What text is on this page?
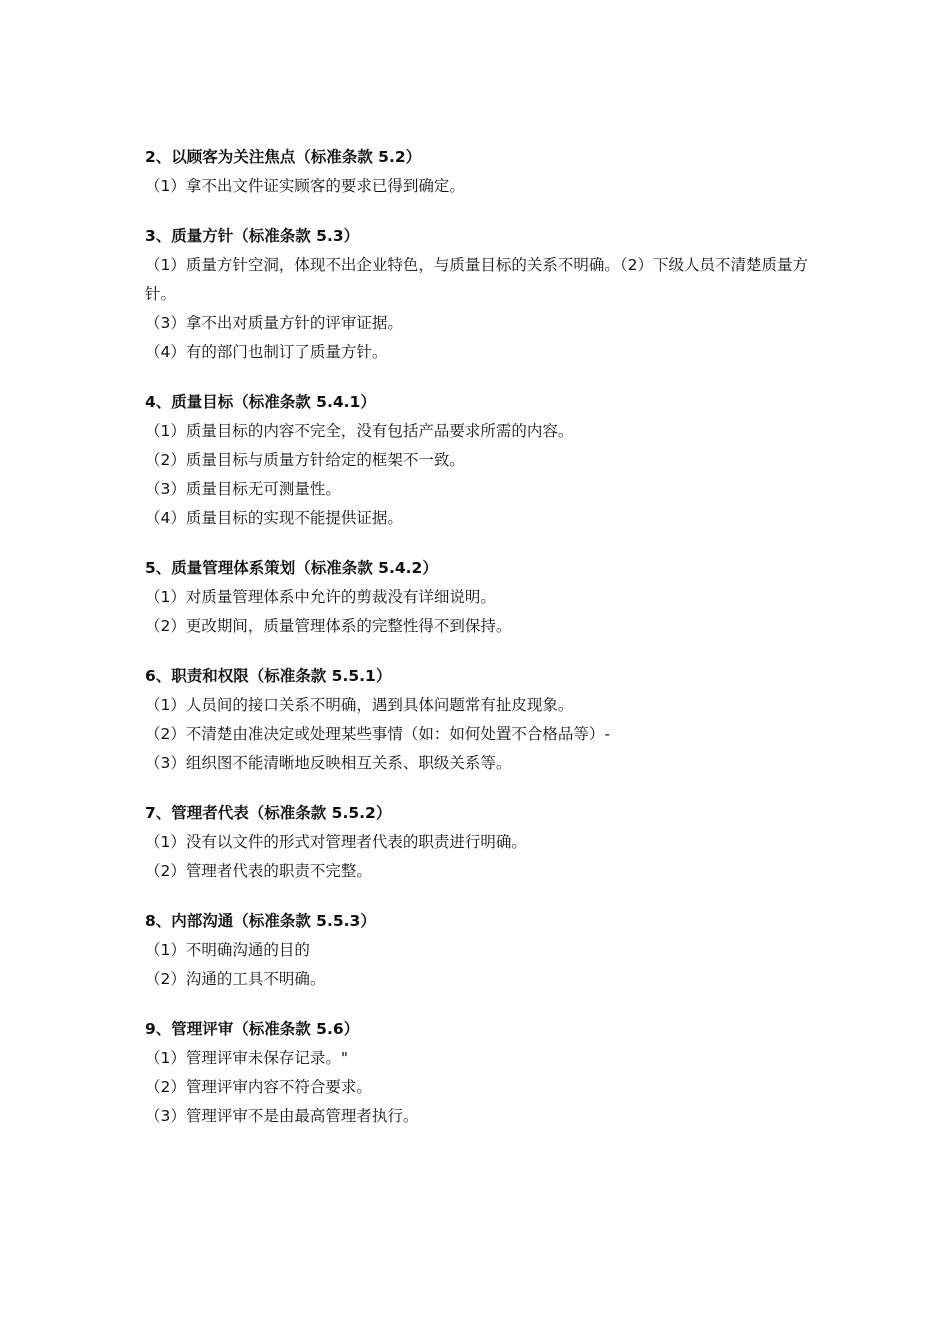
2、以顾客为关注焦点（标准条款 5.2）
（1）拿不出文件证实顾客的要求已得到确定。
3、质量方针（标准条款 5.3）
（1）质量方针空洞，体现不出企业特色，与质量目标的关系不明确。（2）下级人员不清楚质量方针。
（3）拿不出对质量方针的评审证据。
（4）有的部门也制订了质量方针。
4、质量目标（标准条款 5.4.1）
（1）质量目标的内容不完全，没有包括产品要求所需的内容。
（2）质量目标与质量方针给定的框架不一致。
（3）质量目标无可测量性。
（4）质量目标的实现不能提供证据。
5、质量管理体系策划（标准条款 5.4.2）
（1）对质量管理体系中允许的剪裁没有详细说明。
（2）更改期间，质量管理体系的完整性得不到保持。
6、职责和权限（标准条款 5.5.1）
（1）人员间的接口关系不明确，遇到具体问题常有扯皮现象。
（2）不清楚由准决定或处理某些事情（如：如何处置不合格品等）-
（3）组织图不能清晰地反映相互关系、职级关系等。
7、管理者代表（标准条款 5.5.2）
（1）没有以文件的形式对管理者代表的职责进行明确。
（2）管理者代表的职责不完整。
8、内部沟通（标准条款 5.5.3）
（1）不明确沟通的目的
（2）沟通的工具不明确。
9、管理评审（标准条款 5.6）
（1）管理评审未保存记录。"
（2）管理评审内容不符合要求。
（3）管理评审不是由最高管理者执行。
